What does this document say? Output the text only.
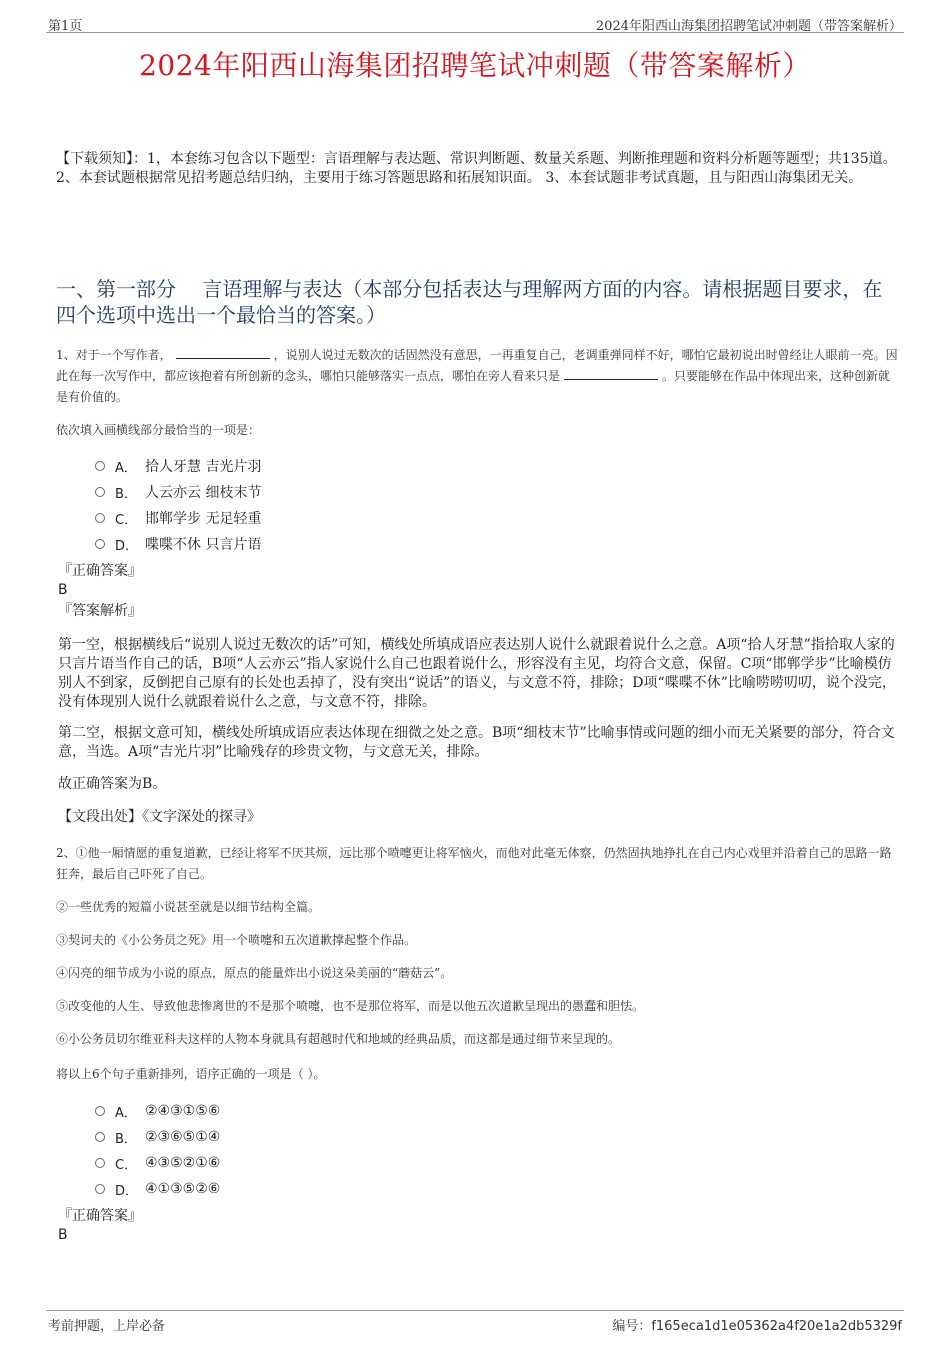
第1页	2024年阳西山海集团招聘笔试冲刺题（带答案解析）
2024年阳西山海集团招聘笔试冲刺题（带答案解析）
【下载须知】：1，本套练习包含以下题型：言语理解与表达题、常识判断题、数量关系题、判断推理题和资料分析题等题型；共135道。 2、本套试题根据常见招考题总结归纳，主要用于练习答题思路和拓展知识面。 3、本套试题非考试真题，且与阳西山海集团无关。
一、第一部分　 言语理解与表达（本部分包括表达与理解两方面的内容。请根据题目要求，在四个选项中选出一个最恰当的答案。）
1、对于一个写作者，	，说别人说过无数次的话固然没有意思，一再重复自己，老调重弹同样不好，哪怕它最初说出时曾经让人眼前一亮。因此在每一次写作中，都应该抱着有所创新的念头，哪怕只能够落实一点点，哪怕在旁人看来只是	。只要能够在作品中体现出来，这种创新就是有价值的。
依次填入画横线部分最恰当的一项是：
A． 拾人牙慧 吉光片羽
B． 人云亦云 细枝末节
C． 邯郸学步 无足轻重
D． 喋喋不休 只言片语
『正确答案』
B
『答案解析』
第一空，根据横线后“说别人说过无数次的话”可知，横线处所填成语应表达别人说什么就跟着说什么之意。A项“拾人牙慧”指拾取人家的只言片语当作自己的话，B项“人云亦云”指人家说什么自己也跟着说什么，形容没有主见，均符合文意，保留。C项“邯郸学步”比喻模仿别人不到家，反倒把自己原有的长处也丢掉了，没有突出“说话”的语义，与文意不符，排除；D项“喋喋不休”比喻唠唠叨叨，说个没完，没有体现别人说什么就跟着说什么之意，与文意不符，排除。
第二空，根据文意可知，横线处所填成语应表达体现在细微之处之意。B项“细枝末节”比喻事情或问题的细小而无关紧要的部分，符合文意，当选。A项“吉光片羽”比喻残存的珍贵文物，与文意无关，排除。
故正确答案为B。
【文段出处】《文字深处的探寻》
2、①他一厢情愿的重复道歉，已经让将军不厌其烦，远比那个喷嚏更让将军恼火，而他对此毫无体察，仍然固执地挣扎在自己内心戏里并沿着自己的思路一路狂奔，最后自己吓死了自己。
②一些优秀的短篇小说甚至就是以细节结构全篇。
③契诃夫的《小公务员之死》用一个喷嚏和五次道歉撑起整个作品。
④闪亮的细节成为小说的原点，原点的能量炸出小说这朵美丽的“蘑菇云”。
⑤改变他的人生、导致他悲惨离世的不是那个喷嚏，也不是那位将军，而是以他五次道歉呈现出的愚蠢和胆怯。
⑥小公务员切尔维亚科夫这样的人物本身就具有超越时代和地域的经典品质，而这都是通过细节来呈现的。
将以上6个句子重新排列，语序正确的一项是（ ）。
A． ②④③①⑤⑥
B． ②③⑥⑤①④
C． ④③⑤②①⑥
D． ④①③⑤②⑥
『正确答案』
B
考前押题，上岸必备	编号：f165eca1d1e05362a4f20e1a2db5329f
